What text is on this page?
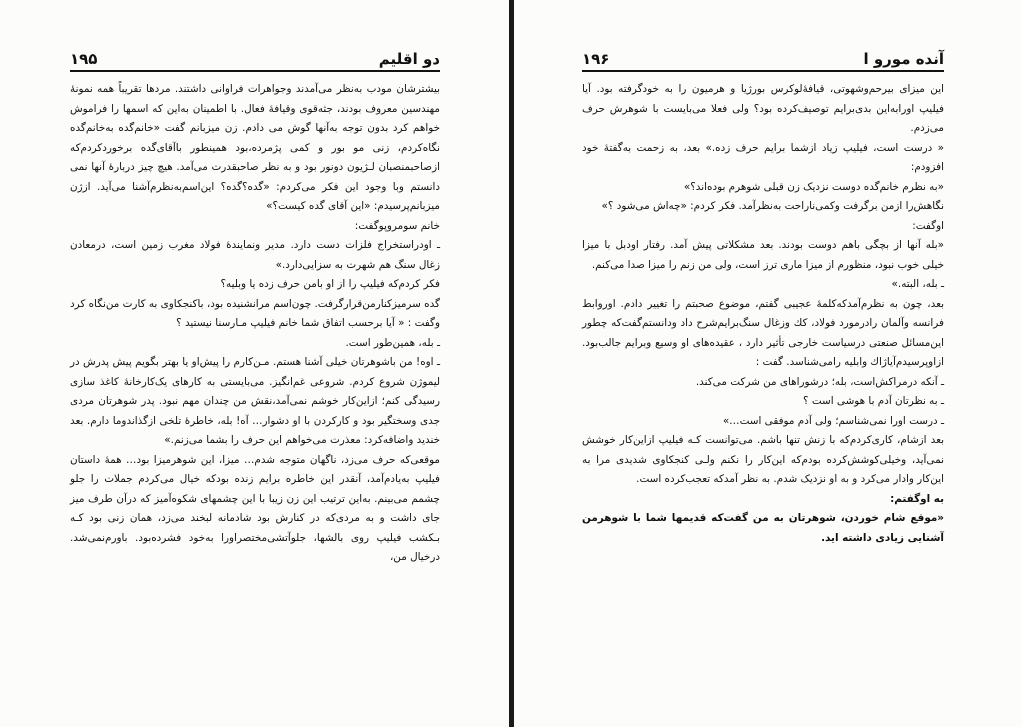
۱۹۵	دو اقلیم

بیشترشان مودب به‌نظر می‌آمدند وجواهرات فراوانی داشتند. مردها تقریباً همه نمونهٔ مهندسین معروف بودند، جثه‌قوی وقیافهٔ فعال. با اطمینان به‌این که اسمها را فراموش خواهم کرد بدون توجه به‌آنها گوش می دادم. زن میزبانم گفت «خانم‌گده به‌خانم‌گده نگاه‌کردم، زنی مو بور و کمی پژمرده،بود همینطور باآقای‌گده برخوردکردم‌که ازصاحبمنصبان لـژیون دونور بود و به نظر صاحبقدرت می‌آمد. هیچ چیز دربارهٔ آنها نمی دانستم وبا وجود این فکر می‌کردم: «گده؟گده؟ این‌اسم‌به‌نظرم‌آشنا می‌آید. ازژن میزبانم‌پرسیدم: «این آقای گده کیست؟»

خانم سومروپوگفت:

ـ اودراستخراج فلزات دست دارد. مدیر ونمایندهٔ فولاد مغرب زمین است، درمعادن زغال سنگ هم شهرت به سزایی‌دارد.»

فکر کردم‌که فیلیپ را از او بامن حرف زده یا وبلیه؟

گده سرمیز‌کنارمن‌قرارگرفت. چون‌اسم مرانشنیده بود، باکنجکاوی به کارت من‌نگاه کرد وگفت : « آیا برحسب اتفاق شما خانم فیلیپ مـارسنا نیستید ؟

ـ بله، همین‌طور است.

ـ اوه! من باشوهرتان خیلی آشنا هستم. مـن‌کارم را پیش‌او یا بهتر بگویم پیش پدرش در لیموژن شروع کردم. شروعی غم‌انگیز. می‌بایستی به کارهای یک‌کارخانهٔ کاغذ سازی رسیدگی کنم؛ ازاین‌کار خوشم نمی‌آمد،نقش من چندان مهم نبود. پدر شوهرتان مردی جدی وسختگیر بود و کارکردن با او دشوار… آه! بله، خاطرهٔ تلخی ازگذاندوما دارم. بعد خندید واضافه‌کرد: معذرت می‌خواهم این حرف را بشما می‌زنم.»

موقعی‌که حرف می‌زد، ناگهان متوجه شدم… میزا، این شوهرمیزا بود… همهٔ داستان فیلیپ به‌یادم‌آمد، آنقدر این خاطره برایم زنده بودکه خیال می‌کردم جملات را جلو چشمم می‌بینم. به‌این ترتیب این زن زیبا با این چشمهای شکوه‌آمیز که درآن طرف میز جای داشت و به مردی‌که در کنارش بود شادمانه لبخند می‌زد، همان زنی بود کـه بـکشب فیلیپ روی بالشها، جلوآتشی‌مختصراورا به‌خود فشرده‌بود. باورم‌نمی‌شد. درخیال من،

۱۹۶	آنده مورو ا

این میزای بیرحم‌وشهوتی، قیافهٔ‌لوکرس بورژیا و هرمیون را به خودگرفته بود. آیا فیلیپ اورابه‌این بدی‌برایم توصیف‌کرده بود؟ ولی فعلا می‌بایست با شوهرش حرف می‌زدم.

« درست است، فیلیپ زیاد ازشما برایم حرف زده.» بعد، به زحمت به‌گفتهٔ خود افزودم:

«به نظرم خانم‌گده دوست نزدیک زن قبلی شوهرم بوده‌اند؟»

نگاهش‌را ازمن برگرفت وکمی‌ناراحت به‌نظرآمد. فکر کردم: «چه‌اش می‌شود ؟»

اوگفت:

«بله آنها از بچگی باهم دوست بودند. بعد مشکلاتی پیش آمد. رفتار اودبل با میزا خیلی خوب نبود، منظورم از میزا ماری ترز است، ولی من زنم را میزا صدا می‌کنم.

ـ بله، البته.»

بعد، چون به نظرم‌آمدکه‌کلمهٔ عجیبی گفتم، موضوع صحبتم را تغییر دادم. اوروابط فرانسه وآلمان رادرمورد فولاد، کك وزغال سنگ‌برایم‌شرح داد ودانستم‌گفت‌که چطور این‌مسائل صنعتی درسیاست خارجی تأثیر دارد ، عقیده‌های او وسیع وبرایم جالب‌بود. ازاوپرسیدم‌آیاژاك وابلیه رامی‌شناسد. گفت :

ـ آنکه درمراکش‌است، بله؛ درشوراهای من شرکت می‌کند.

ـ به نظرتان آدم با هوشی است ؟

ـ درست اورا نمی‌شناسم؛ ولی آدم موفقی است…»

بعد ازشام، کاری‌کردم‌که با زنش تنها باشم. می‌توانست کـه فیلیپ ازاین‌کار خوشش نمی‌آید، وخیلی‌کوشش‌کرده بودم‌که این‌کار را نکنم ولـی کنجکاوی شدیدی مرا به این‌کار وادار می‌کرد و به او نزدیک شدم. به نظر آمدکه تعجب‌کرده است.

به اوگفتم:

«موقع شام خوردن، شوهرتان به من گفت‌که قدیمها شما با شوهرمن آشنایی زیادی داشته اید.
